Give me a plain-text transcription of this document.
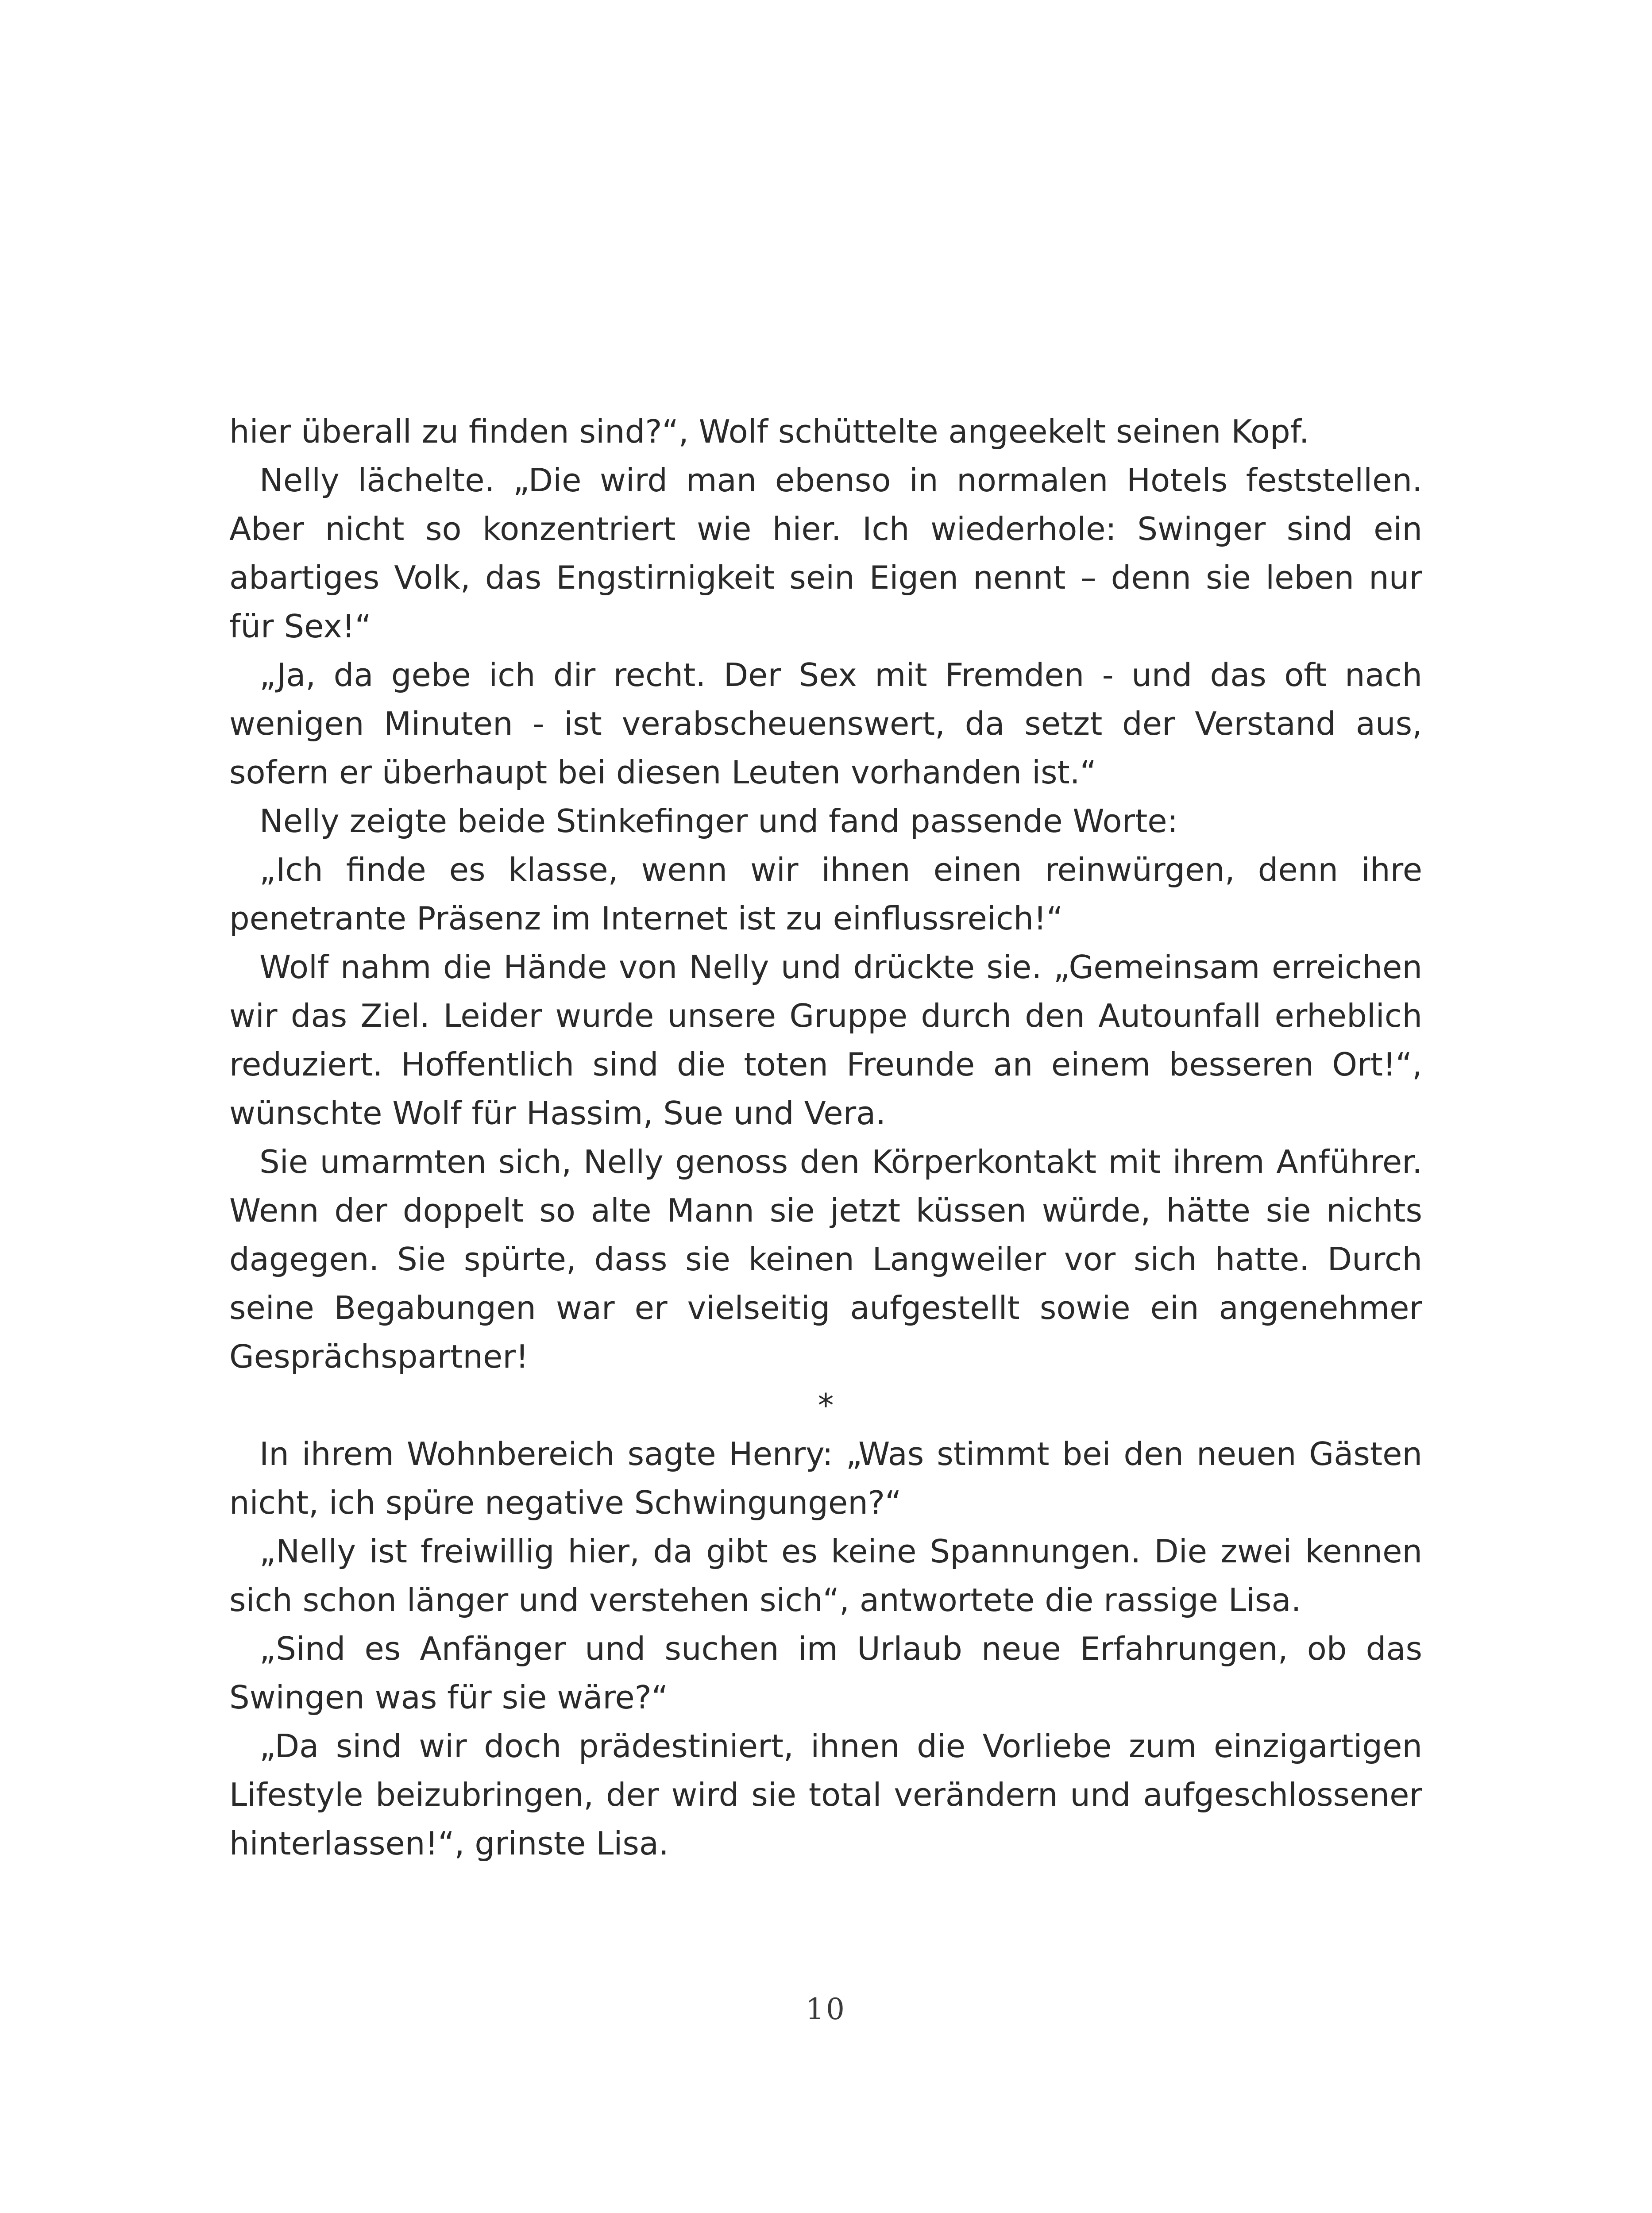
hier überall zu finden sind?“, Wolf schüttelte angeekelt seinen Kopf.

Nelly lächelte. „Die wird man ebenso in normalen Hotels feststellen. Aber nicht so konzentriert wie hier. Ich wiederhole: Swinger sind ein abartiges Volk, das Engstirnigkeit sein Eigen nennt – denn sie leben nur für Sex!“

„Ja, da gebe ich dir recht. Der Sex mit Fremden - und das oft nach wenigen Minuten - ist verabscheuenswert, da setzt der Verstand aus, sofern er überhaupt bei diesen Leuten vorhanden ist.“

Nelly zeigte beide Stinkefinger und fand passende Worte:

„Ich finde es klasse, wenn wir ihnen einen reinwürgen, denn ihre penetrante Präsenz im Internet ist zu einflussreich!“

Wolf nahm die Hände von Nelly und drückte sie. „Gemeinsam erreichen wir das Ziel. Leider wurde unsere Gruppe durch den Autounfall erheblich reduziert. Hoffentlich sind die toten Freunde an einem besseren Ort!“, wünschte Wolf für Hassim, Sue und Vera.

Sie umarmten sich, Nelly genoss den Körperkontakt mit ihrem Anführer. Wenn der doppelt so alte Mann sie jetzt küssen würde, hätte sie nichts dagegen. Sie spürte, dass sie keinen Langweiler vor sich hatte. Durch seine Begabungen war er vielseitig aufgestellt sowie ein angenehmer Gesprächspartner!

*

In ihrem Wohnbereich sagte Henry: „Was stimmt bei den neuen Gästen nicht, ich spüre negative Schwingungen?“

„Nelly ist freiwillig hier, da gibt es keine Spannungen. Die zwei kennen sich schon länger und verstehen sich“, antwortete die rassige Lisa.

„Sind es Anfänger und suchen im Urlaub neue Erfahrungen, ob das Swingen was für sie wäre?“

„Da sind wir doch prädestiniert, ihnen die Vorliebe zum einzigartigen Lifestyle beizubringen, der wird sie total verändern und aufgeschlossener hinterlassen!“, grinste Lisa.

10
